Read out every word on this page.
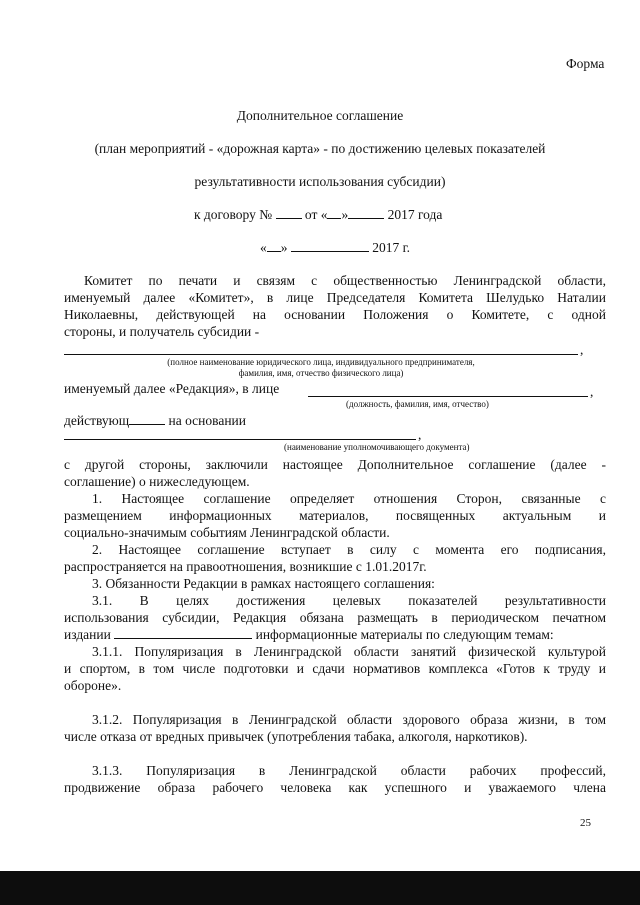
Форма
Дополнительное соглашение
(план мероприятий - «дорожная карта» - по достижению целевых показателей
результативности использования субсидии)
к договору № от « »	2017 года
« »	2017 г.
Комитет по печати и связям с общественностью Ленинградской области,
именуемый далее «Комитет», в лице Председателя Комитета Шелудько Наталии
Николаевны, действующей на основании Положения о Комитете, с одной
стороны, и получатель субсидии -
,
(полное наименование юридического лица, индивидуального предпринимателя,
фамилия, имя, отчество физического лица)
именуемый далее «Редакция», в лице	,
(должность, фамилия, имя, отчество)
действующ	на основании
,
(наименование уполномочивающего документа)
с другой стороны, заключили настоящее Дополнительное соглашение (далее -
соглашение) о нижеследующем.
1. Настоящее соглашение определяет отношения Сторон, связанные с
размещением информационных материалов, посвященных актуальным и
социально-значимым событиям Ленинградской области.
2. Настоящее соглашение вступает в силу с момента его подписания,
распространяется на правоотношения, возникшие с 1.01.2017г.
3. Обязанности Редакции в рамках настоящего соглашения:
3.1. В целях достижения целевых показателей результативности
использования субсидии, Редакция обязана размещать в периодическом печатном
издании	информационные материалы по следующим темам:
3.1.1. Популяризация в Ленинградской области занятий физической культурой
и спортом, в том числе подготовки и сдачи нормативов комплекса «Готов к труду и
обороне».
3.1.2. Популяризация в Ленинградской области здорового образа жизни, в том
числе отказа от вредных привычек (употребления табака, алкоголя, наркотиков).
3.1.3. Популяризация в Ленинградской области рабочих профессий,
продвижение образа рабочего человека как успешного и уважаемого члена
25
